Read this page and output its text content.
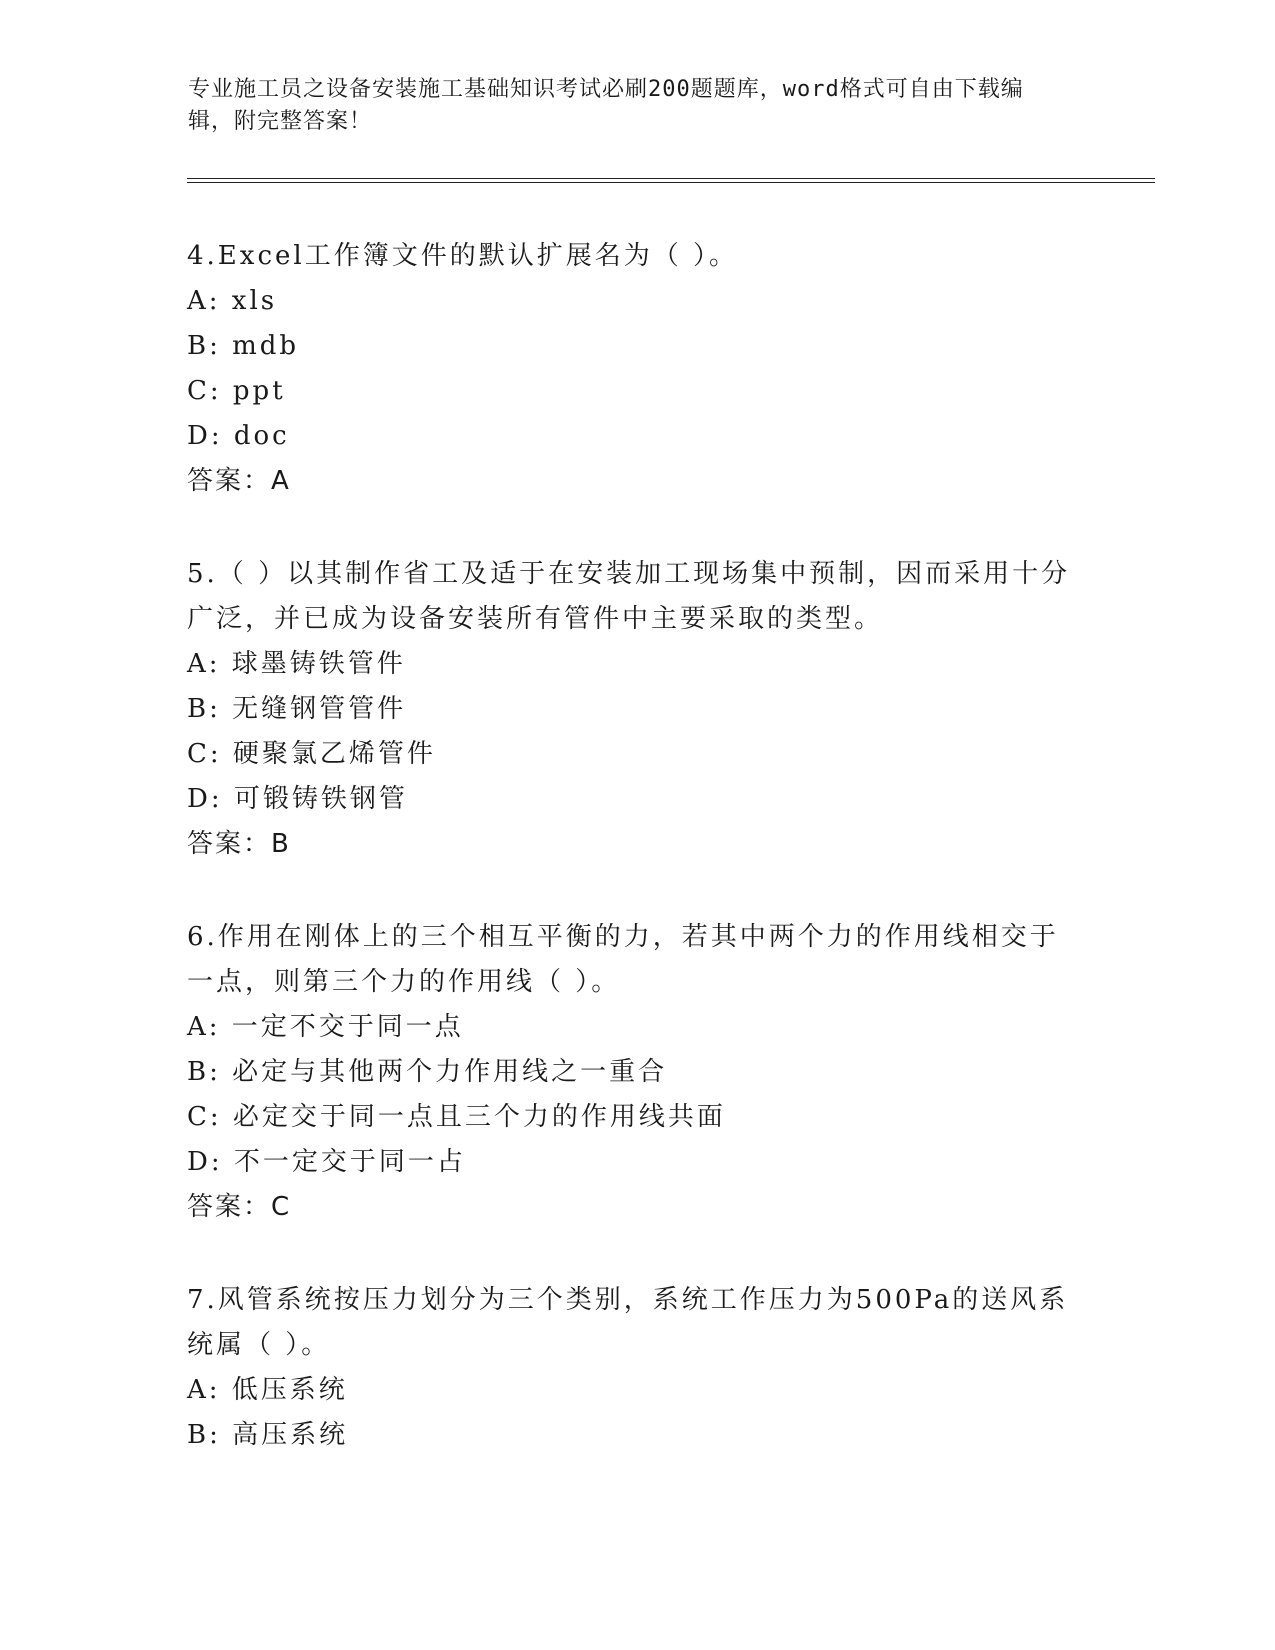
专业施工员之设备安装施工基础知识考试必刷200题题库，word格式可自由下载编辑，附完整答案！
4.Excel工作簿文件的默认扩展名为（ ）。
A: xls
B: mdb
C: ppt
D: doc
答案：A
5.（ ）以其制作省工及适于在安装加工现场集中预制，因而采用十分广泛，并已成为设备安装所有管件中主要采取的类型。
A: 球墨铸铁管件
B: 无缝钢管管件
C: 硬聚氯乙烯管件
D: 可锻铸铁钢管
答案：B
6.作用在刚体上的三个相互平衡的力，若其中两个力的作用线相交于一点，则第三个力的作用线（ ）。
A: 一定不交于同一点
B: 必定与其他两个力作用线之一重合
C: 必定交于同一点且三个力的作用线共面
D: 不一定交于同一占
答案：C
7.风管系统按压力划分为三个类别，系统工作压力为500Pa的送风系统属（ ）。
A: 低压系统
B: 高压系统
